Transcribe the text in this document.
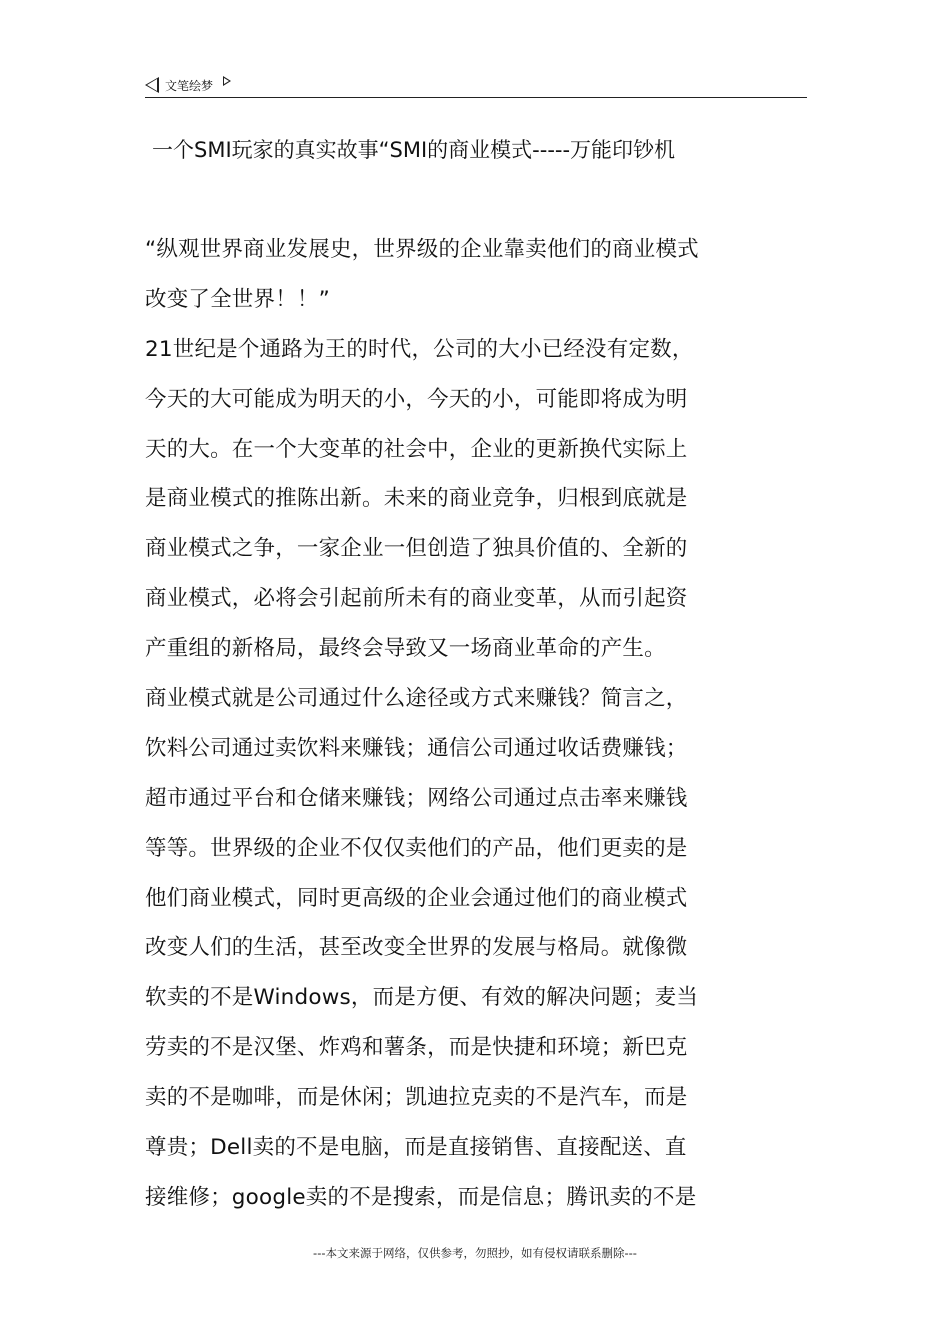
文笔绘梦
一个SMI玩家的真实故事“SMI的商业模式-----万能印钞机
“纵观世界商业发展史，世界级的企业靠卖他们的商业模式
改变了全世界！！”
21世纪是个通路为王的时代，公司的大小已经没有定数，
今天的大可能成为明天的小，今天的小，可能即将成为明
天的大。在一个大变革的社会中，企业的更新换代实际上
是商业模式的推陈出新。未来的商业竞争，归根到底就是
商业模式之争，一家企业一但创造了独具价值的、全新的
商业模式，必将会引起前所未有的商业变革，从而引起资
产重组的新格局，最终会导致又一场商业革命的产生。
商业模式就是公司通过什么途径或方式来赚钱？简言之，
饮料公司通过卖饮料来赚钱；通信公司通过收话费赚钱；
超市通过平台和仓储来赚钱；网络公司通过点击率来赚钱
等等。世界级的企业不仅仅卖他们的产品，他们更卖的是
他们商业模式，同时更高级的企业会通过他们的商业模式
改变人们的生活，甚至改变全世界的发展与格局。就像微
软卖的不是Windows，而是方便、有效的解决问题；麦当
劳卖的不是汉堡、炸鸡和薯条，而是快捷和环境；新巴克
卖的不是咖啡，而是休闲；凯迪拉克卖的不是汽车，而是
尊贵；Dell卖的不是电脑，而是直接销售、直接配送、直
接维修；google卖的不是搜索，而是信息；腾讯卖的不是
---本文来源于网络，仅供参考，勿照抄，如有侵权请联系删除---
